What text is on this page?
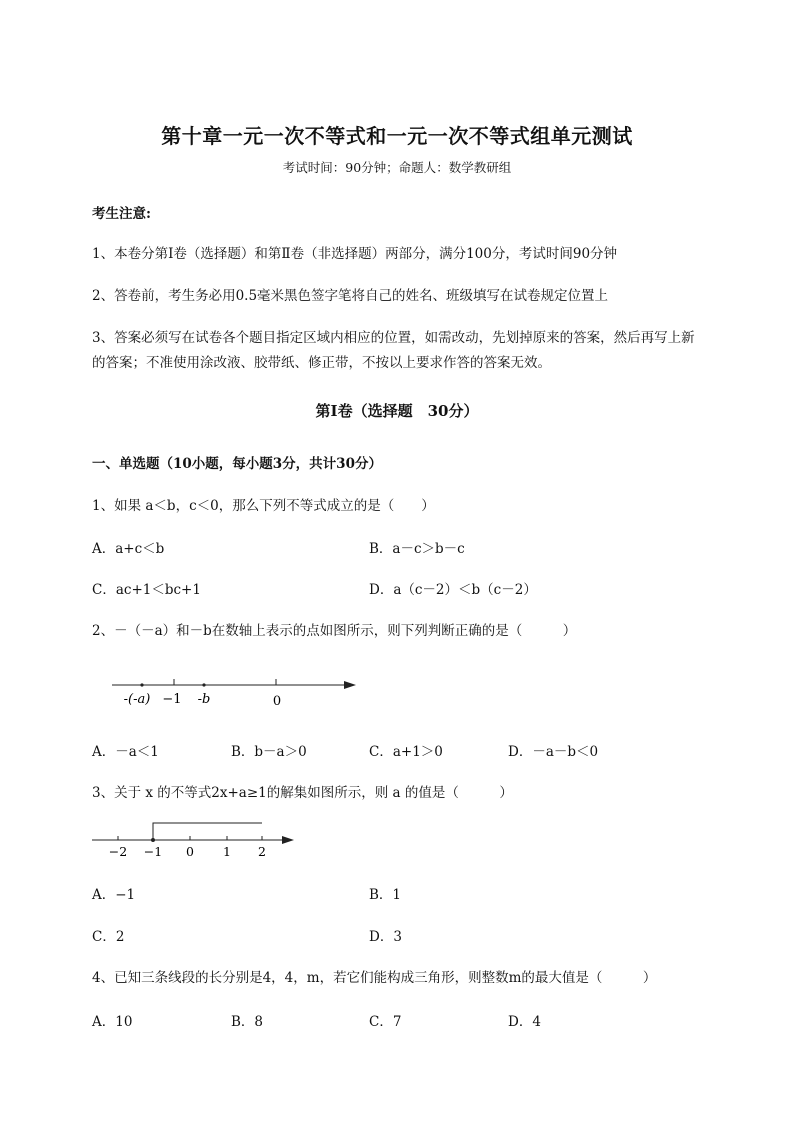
第十章一元一次不等式和一元一次不等式组单元测试
考试时间：90分钟；命题人：数学教研组
考生注意:
1、本卷分第I卷（选择题）和第Ⅱ卷（非选择题）两部分，满分100分，考试时间90分钟
2、答卷前，考生务必用0.5毫米黑色签字笔将自己的姓名、班级填写在试卷规定位置上
3、答案必须写在试卷各个题目指定区域内相应的位置，如需改动，先划掉原来的答案，然后再写上新
的答案；不准使用涂改液、胶带纸、修正带，不按以上要求作答的答案无效。
第I卷（选择题　30分）
一、单选题（10小题，每小题3分，共计30分）
1、如果 a＜b，c＜0，那么下列不等式成立的是（　　）
A．a+c＜b	B．a－c＞b－c
C．ac+1＜bc+1	D．a（c－2）＜b（c－2）
2、－（－a）和－b在数轴上表示的点如图所示，则下列判断正确的是（　　　）
-(-a) −1 -b	0
A．－a＜1	B．b－a＞0	C．a+1＞0	D．－a－b＜0
3、关于 x 的不等式2x+a≥1的解集如图所示，则 a 的值是（　　　）
−2 −1 0 1 2
A．−1	B．1
C．2	D．3
4、已知三条线段的长分别是4，4，m，若它们能构成三角形，则整数m的最大值是（　　　）
A．10	B．8	C．7	D．4
